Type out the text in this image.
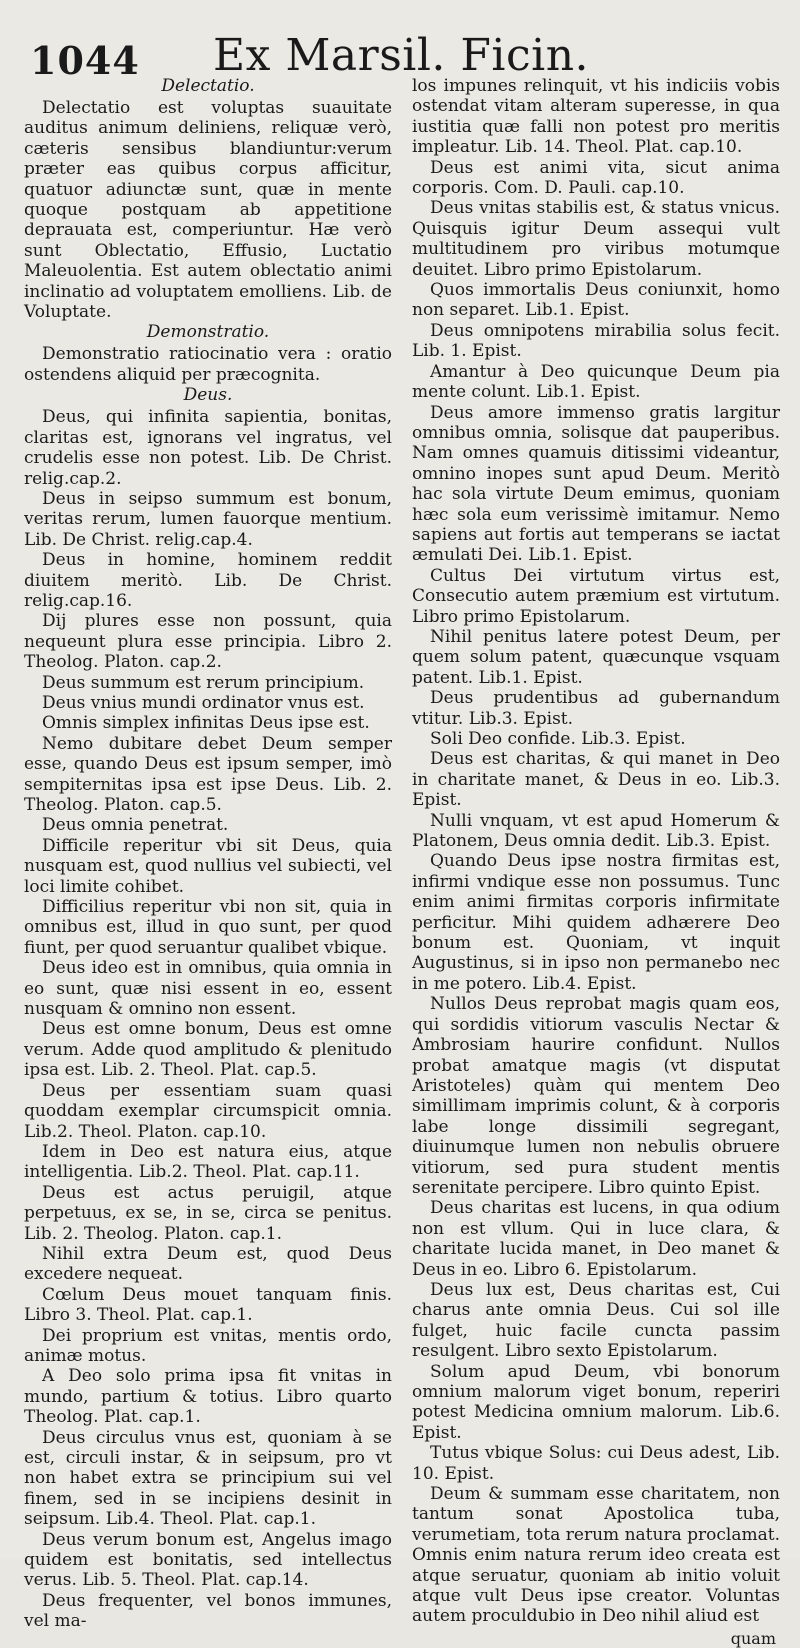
1044	Ex Marsil. Ficin.
Delectatio.

Delectatio est voluptas suauitate auditus animum deliniens, reliquæ verò, cæteris sensibus blandiuntur:verum præter eas quibus corpus afficitur, quatuor adiunctæ sunt, quæ in mente quoque postquam ab appetitione deprauata est, comperiuntur. Hæ verò sunt Oblectatio, Effusio, Luctatio Maleuolentia. Est autem oblectatio animi inclinatio ad voluptatem emolliens. Lib. de Voluptate.

Demonstratio.

Demonstratio ratiocinatio vera : oratio ostendens aliquid per præcognita.

Deus.

Deus, qui infinita sapientia, bonitas, claritas est, ignorans vel ingratus, vel crudelis esse non potest. Lib. De Christ. relig.cap.2.

Deus in seipso summum est bonum, veritas rerum, lumen fauorque mentium. Lib. De Christ. relig.cap.4.

Deus in homine, hominem reddit diuitem meritò. Lib. De Christ. relig.cap.16.

Dij plures esse non possunt, quia nequeunt plura esse principia. Libro 2. Theolog. Platon. cap.2.

Deus summum est rerum principium.

Deus vnius mundi ordinator vnus est.

Omnis simplex infinitas Deus ipse est.

Nemo dubitare debet Deum semper esse, quando Deus est ipsum semper, imò sempiternitas ipsa est ipse Deus. Lib. 2. Theolog. Platon. cap.5.

Deus omnia penetrat.

Difficile reperitur vbi sit Deus, quia nusquam est, quod nullius vel subiecti, vel loci limite cohibet.

Difficilius reperitur vbi non sit, quia in omnibus est, illud in quo sunt, per quod fiunt, per quod seruantur qualibet vbique.

Deus ideo est in omnibus, quia omnia in eo sunt, quæ nisi essent in eo, essent nusquam & omnino non essent.

Deus est omne bonum, Deus est omne verum. Adde quod amplitudo & plenitudo ipsa est. Lib. 2. Theol. Plat. cap.5.

Deus per essentiam suam quasi quoddam exemplar circumspicit omnia. Lib.2. Theol. Platon. cap.10.

Idem in Deo est natura eius, atque intelligentia. Lib.2. Theol. Plat. cap.11.

Deus est actus peruigil, atque perpetuus, ex se, in se, circa se penitus. Lib. 2. Theolog. Platon. cap.1.

Nihil extra Deum est, quod Deus excedere nequeat.

Cœlum Deus mouet tanquam finis. Libro 3. Theol. Plat. cap.1.

Dei proprium est vnitas, mentis ordo, animæ motus.

A Deo solo prima ipsa fit vnitas in mundo, partium & totius. Libro quarto Theolog. Plat. cap.1.

Deus circulus vnus est, quoniam à se est, circuli instar, & in seipsum, pro vt non habet extra se principium sui vel finem, sed in se incipiens desinit in seipsum. Lib.4. Theol. Plat. cap.1.

Deus verum bonum est, Angelus imago quidem est bonitatis, sed intellectus verus. Lib. 5. Theol. Plat. cap.14.

Deus frequenter, vel bonos immunes, vel ma-

los impunes relinquit, vt his indiciis vobis ostendat vitam alteram superesse, in qua iustitia quæ falli non potest pro meritis impleatur. Lib. 14. Theol. Plat. cap.10.

Deus est animi vita, sicut anima corporis. Com. D. Pauli. cap.10.

Deus vnitas stabilis est, & status vnicus. Quisquis igitur Deum assequi vult multitudinem pro viribus motumque deuitet. Libro primo Epistolarum.

Quos immortalis Deus coniunxit, homo non separet. Lib.1. Epist.

Deus omnipotens mirabilia solus fecit. Lib. 1. Epist.

Amantur à Deo quicunque Deum pia mente colunt. Lib.1. Epist.

Deus amore immenso gratis largitur omnibus omnia, solisque dat pauperibus. Nam omnes quamuis ditissimi videantur, omnino inopes sunt apud Deum. Meritò hac sola virtute Deum emimus, quoniam hæc sola eum verissimè imitamur. Nemo sapiens aut fortis aut temperans se iactat æmulati Dei. Lib.1. Epist.

Cultus Dei virtutum virtus est, Consecutio autem præmium est virtutum. Libro primo Epistolarum.

Nihil penitus latere potest Deum, per quem solum patent, quæcunque vsquam patent. Lib.1. Epist.

Deus prudentibus ad gubernandum vtitur. Lib.3. Epist.

Soli Deo confide. Lib.3. Epist.

Deus est charitas, & qui manet in Deo in charitate manet, & Deus in eo. Lib.3. Epist.

Nulli vnquam, vt est apud Homerum & Platonem, Deus omnia dedit. Lib.3. Epist.

Quando Deus ipse nostra firmitas est, infirmi vndique esse non possumus. Tunc enim animi firmitas corporis infirmitate perficitur. Mihi quidem adhærere Deo bonum est. Quoniam, vt inquit Augustinus, si in ipso non permanebo nec in me potero. Lib.4. Epist.

Nullos Deus reprobat magis quam eos, qui sordidis vitiorum vasculis Nectar & Ambrosiam haurire confidunt. Nullos probat amatque magis (vt disputat Aristoteles) quàm qui mentem Deo simillimam imprimis colunt, & à corporis labe longe dissimili segregant, diuinumque lumen non nebulis obruere vitiorum, sed pura student mentis serenitate percipere. Libro quinto Epist.

Deus charitas est lucens, in qua odium non est vllum. Qui in luce clara, & charitate lucida manet, in Deo manet & Deus in eo. Libro 6. Epistolarum.

Deus lux est, Deus charitas est, Cui charus ante omnia Deus. Cui sol ille fulget, huic facile cuncta passim resulgent. Libro sexto Epistolarum.

Solum apud Deum, vbi bonorum omnium malorum viget bonum, reperiri potest Medicina omnium malorum. Lib.6. Epist.

Tutus vbique Solus: cui Deus adest, Lib. 10. Epist.

Deum & summam esse charitatem, non tantum sonat Apostolica tuba, verumetiam, tota rerum natura proclamat. Omnis enim natura rerum ideo creata est atque seruatur, quoniam ab initio voluit atque vult Deus ipse creator. Voluntas autem proculdubio in Deo nihil aliud est

quam
